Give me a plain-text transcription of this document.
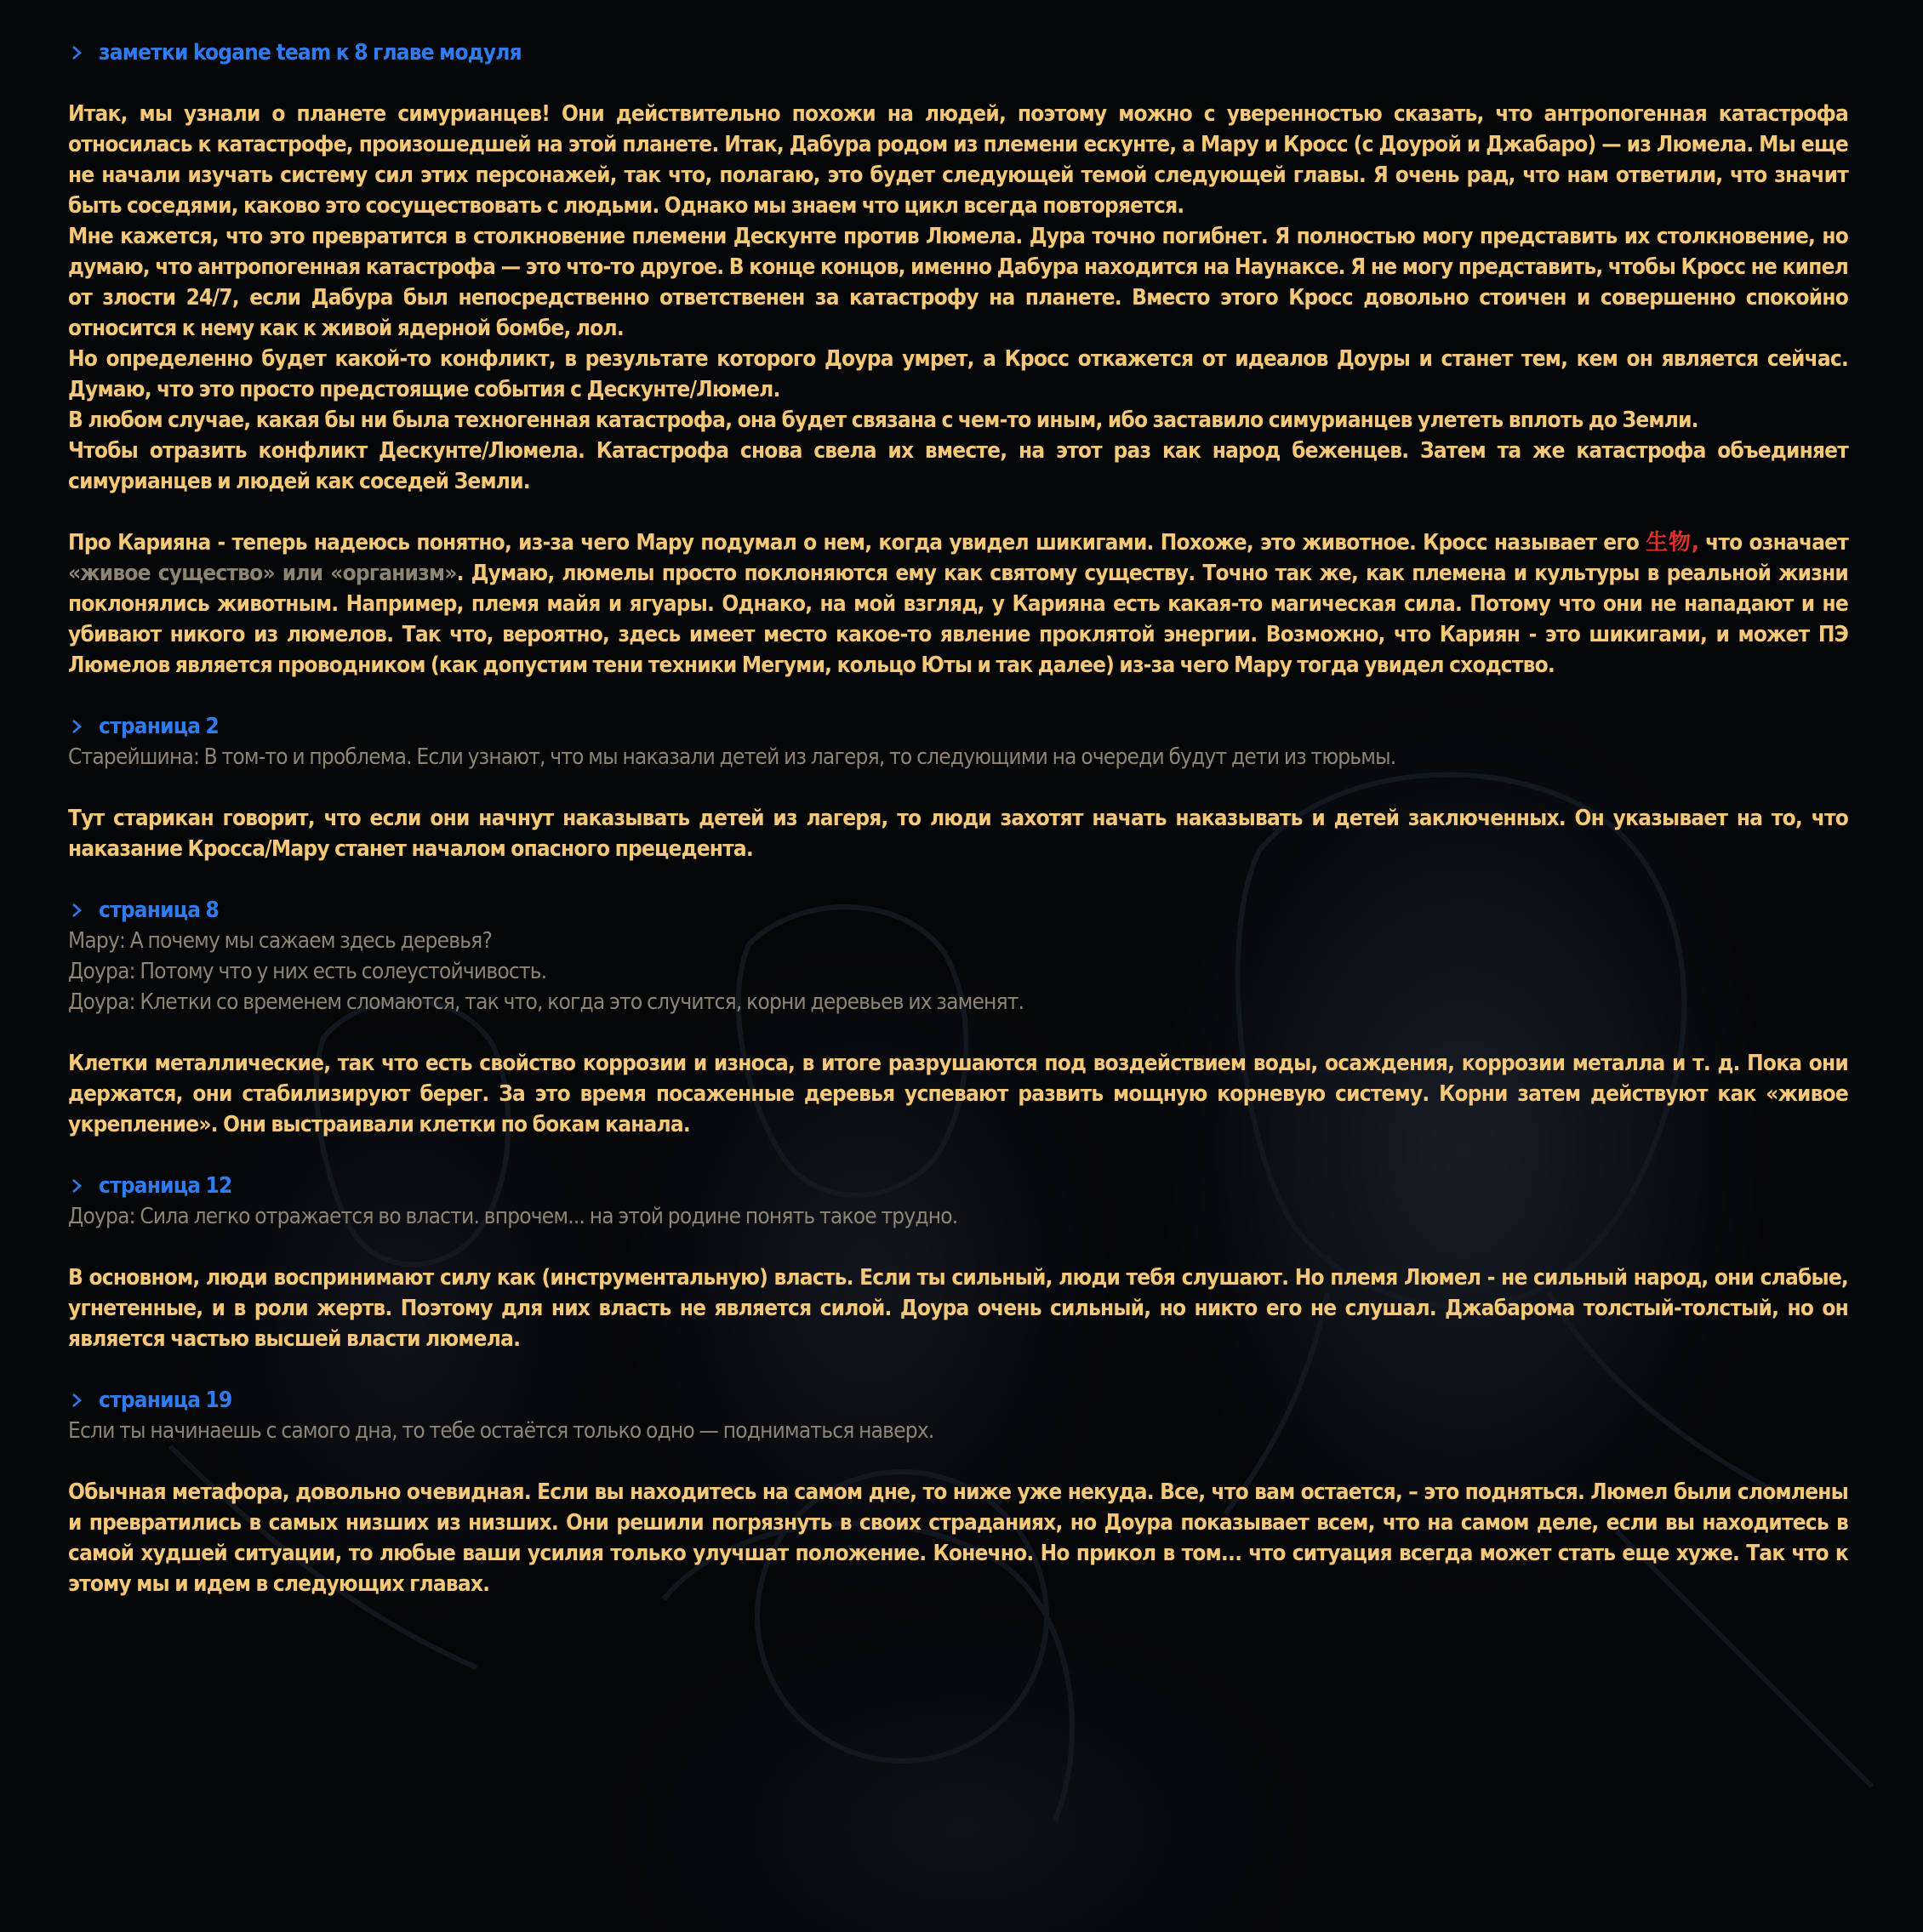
заметки kogane team к 8 главе модуля

Итак, мы узнали о планете симурианцев! Они действительно похожи на людей, поэтому можно с уверенностью сказать, что антропогенная катастрофа относилась к катастрофе, произошедшей на этой планете. Итак, Дабура родом из племени ескунте, а Мару и Кросс (с Доурой и Джабаро) — из Люмела. Мы еще не начали изучать систему сил этих персонажей, так что, полагаю, это будет следующей темой следующей главы. Я очень рад, что нам ответили, что значит быть соседями, каково это сосуществовать с людьми. Однако мы знаем что цикл всегда повторяется.

Мне кажется, что это превратится в столкновение племени Дескунте против Люмела. Дура точно погибнет. Я полностью могу представить их столкновение, но думаю, что антропогенная катастрофа — это что-то другое. В конце концов, именно Дабура находится на Наунаксе. Я не могу представить, чтобы Кросс не кипел от злости 24/7, если Дабура был непосредственно ответственен за катастрофу на планете. Вместо этого Кросс довольно стоичен и совершенно спокойно относится к нему как к живой ядерной бомбе, лол.

Но определенно будет какой-то конфликт, в результате которого Доура умрет, а Кросс откажется от идеалов Доуры и станет тем, кем он является сейчас. Думаю, что это просто предстоящие события с Дескунте/Люмел.

В любом случае, какая бы ни была техногенная катастрофа, она будет связана с чем-то иным, ибо заставило симурианцев улететь вплоть до Земли.

Чтобы отразить конфликт Дескунте/Люмела. Катастрофа снова свела их вместе, на этот раз как народ беженцев. Затем та же катастрофа объединяет симурианцев и людей как соседей Земли.

Про Карияна - теперь надеюсь понятно, из-за чего Мару подумал о нем, когда увидел шикигами. Похоже, это животное. Кросс называет его 生物, что означает «живое существо» или «организм». Думаю, люмелы просто поклоняются ему как святому существу. Точно так же, как племена и культуры в реальной жизни поклонялись животным. Например, племя майя и ягуары. Однако, на мой взгляд, у Карияна есть какая-то магическая сила. Потому что они не нападают и не убивают никого из люмелов. Так что, вероятно, здесь имеет место какое-то явление проклятой энергии. Возможно, что Кариян - это шикигами, и может ПЭ Люмелов является проводником (как допустим тени техники Мегуми, кольцо Юты и так далее) из-за чего Мару тогда увидел сходство.

страница 2

Старейшина: В том-то и проблема. Если узнают, что мы наказали детей из лагеря, то следующими на очереди будут дети из тюрьмы.

Тут старикан говорит, что если они начнут наказывать детей из лагеря, то люди захотят начать наказывать и детей заключенных. Он указывает на то, что наказание Кросса/Мару станет началом опасного прецедента.

страница 8

Мару: А почему мы сажаем здесь деревья?

Доура: Потому что у них есть солеустойчивость.

Доура: Клетки со временем сломаются, так что, когда это случится, корни деревьев их заменят.

Клетки металлические, так что есть свойство коррозии и износа, в итоге разрушаются под воздействием воды, осаждения, коррозии металла и т. д. Пока они держатся, они стабилизируют берег. За это время посаженные деревья успевают развить мощную корневую систему. Корни затем действуют как «живое укрепление». Они выстраивали клетки по бокам канала.

страница 12

Доура: Сила легко отражается во власти. впрочем... на этой родине понять такое трудно.

В основном, люди воспринимают силу как (инструментальную) власть. Если ты сильный, люди тебя слушают. Но племя Люмел - не сильный народ, они слабые, угнетенные, и в роли жертв. Поэтому для них власть не является силой. Доура очень сильный, но никто его не слушал. Джабарома толстый-толстый, но он является частью высшей власти люмела.

страница 19

Если ты начинаешь с самого дна, то тебе остаётся только одно — подниматься наверх.

Обычная метафора, довольно очевидная. Если вы находитесь на самом дне, то ниже уже некуда. Все, что вам остается, – это подняться. Люмел были сломлены и превратились в самых низших из низших. Они решили погрязнуть в своих страданиях, но Доура показывает всем, что на самом деле, если вы находитесь в самой худшей ситуации, то любые ваши усилия только улучшат положение. Конечно. Но прикол в том... что ситуация всегда может стать еще хуже. Так что к этому мы и идем в следующих главах.
